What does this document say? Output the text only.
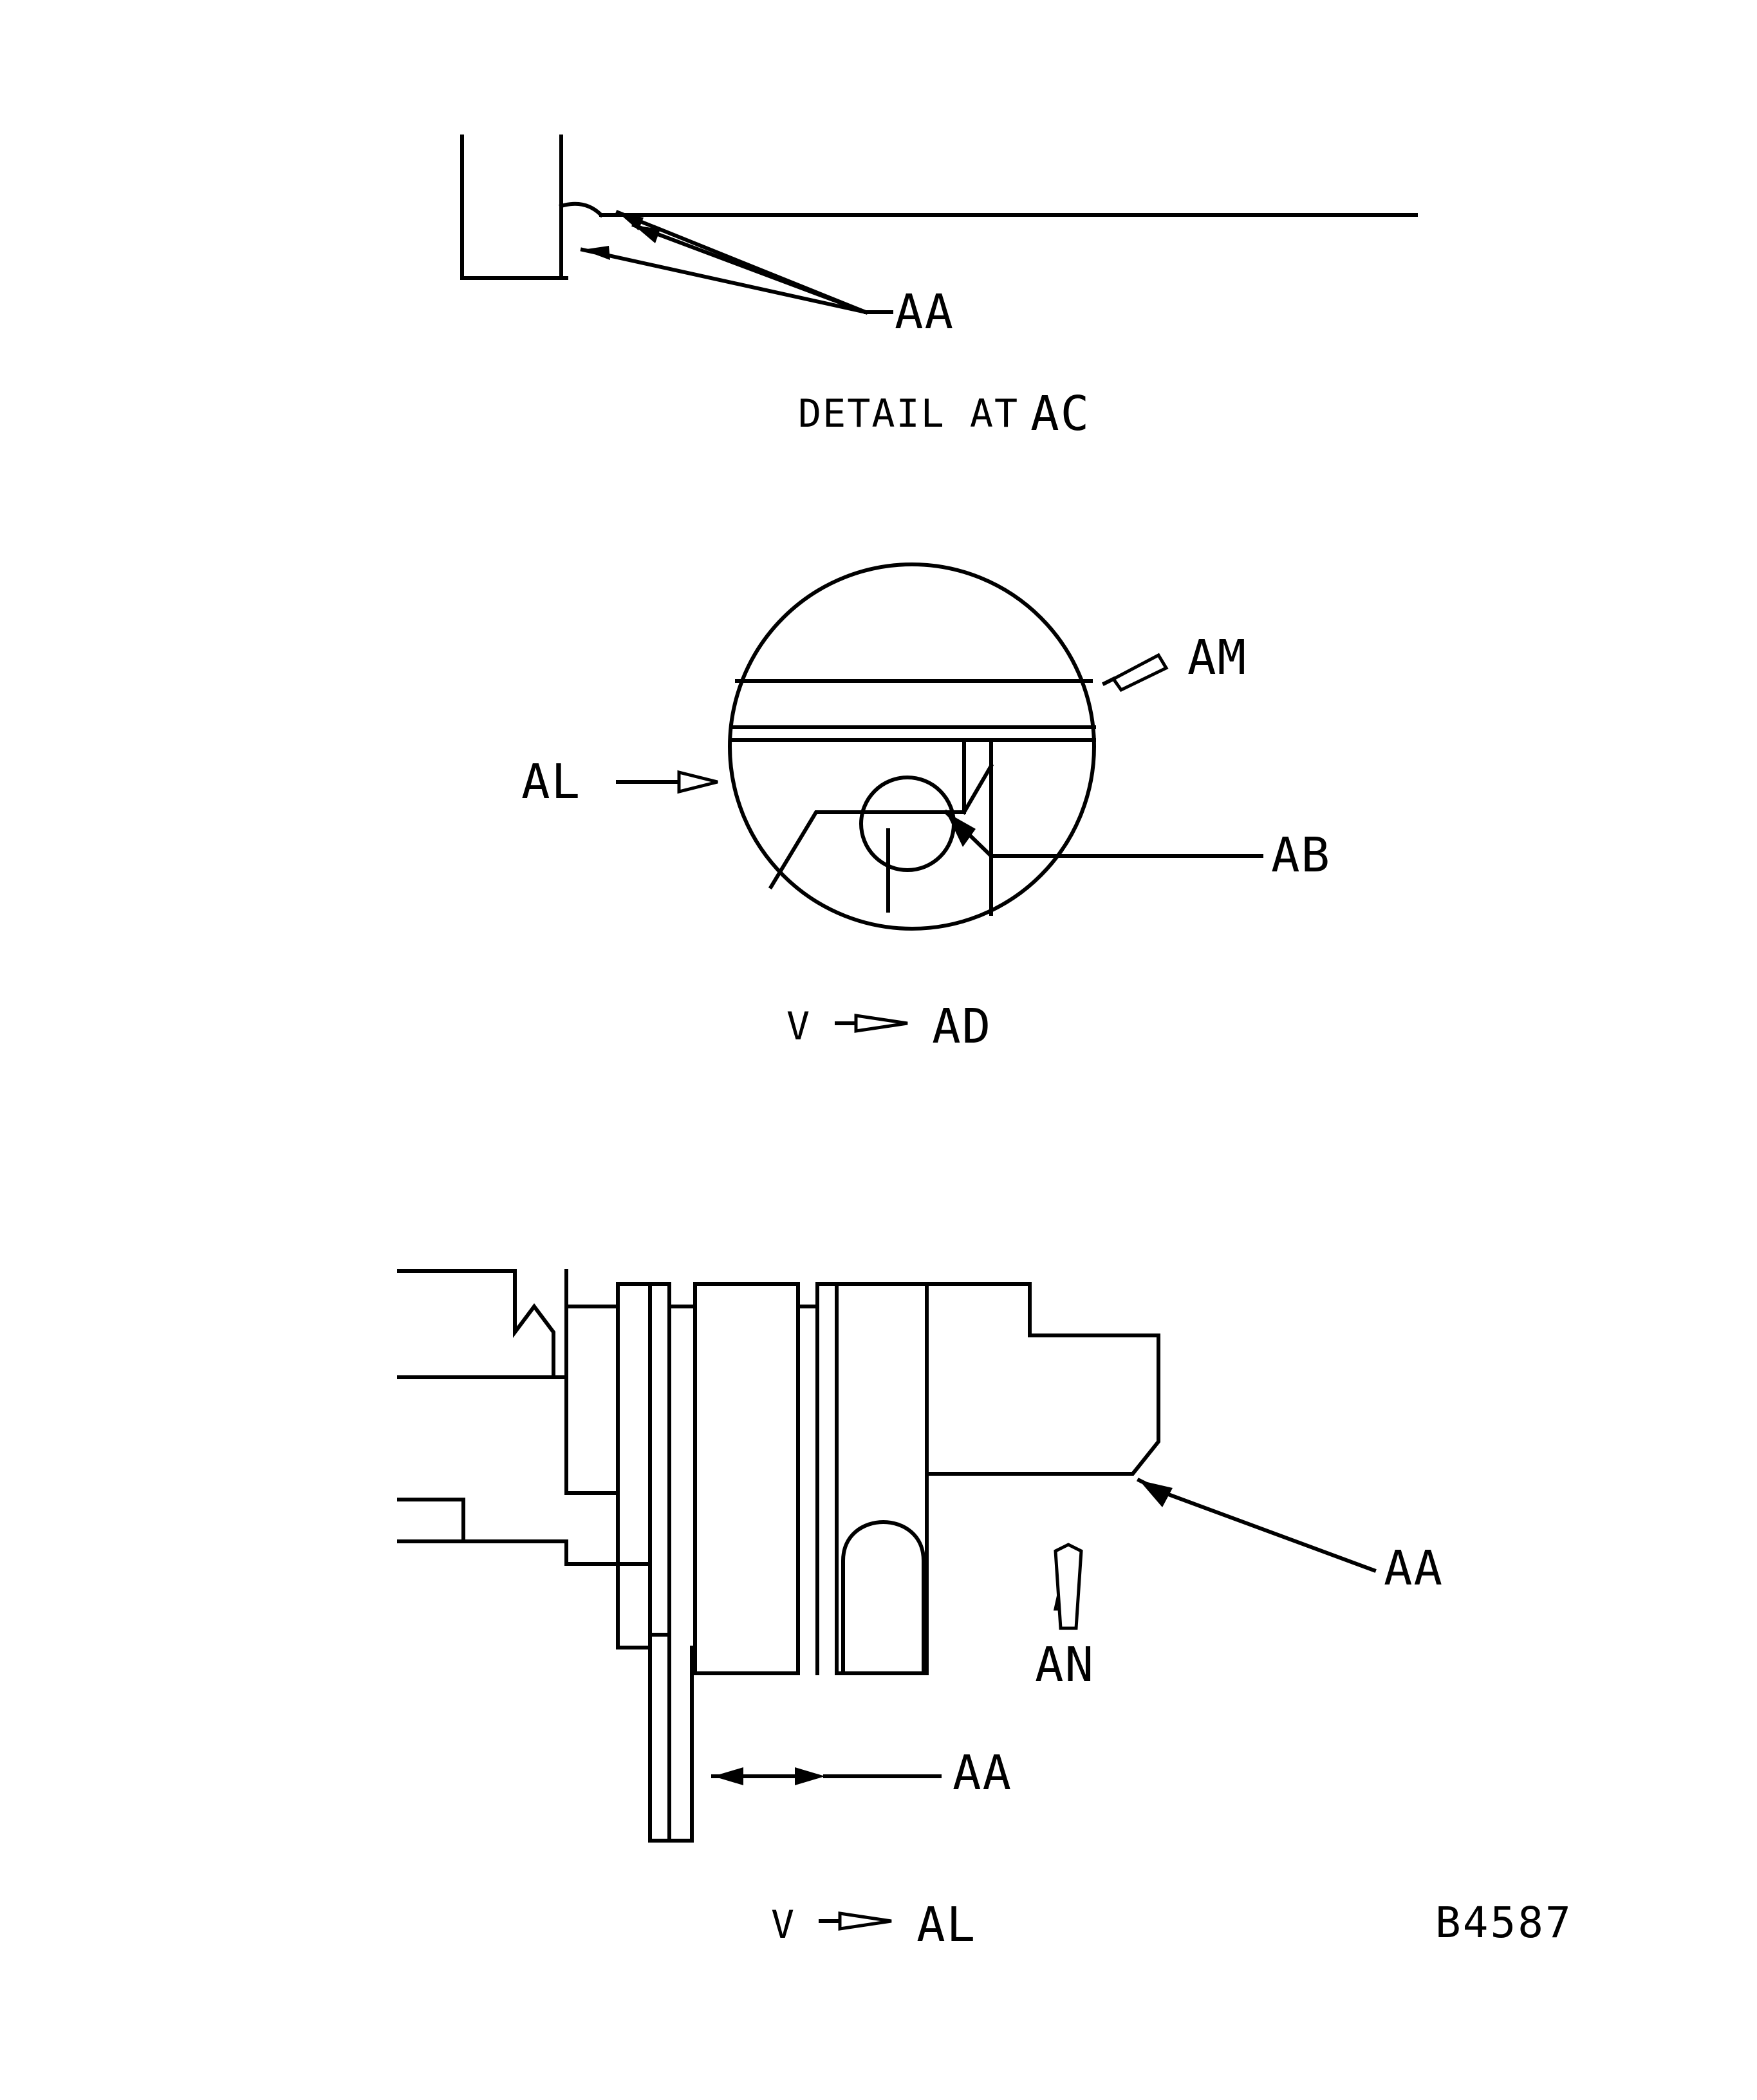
AA
DETAIL AT AC
AM
AL
AB
V	AD
AA
AN
AA
V	AL	B4587
